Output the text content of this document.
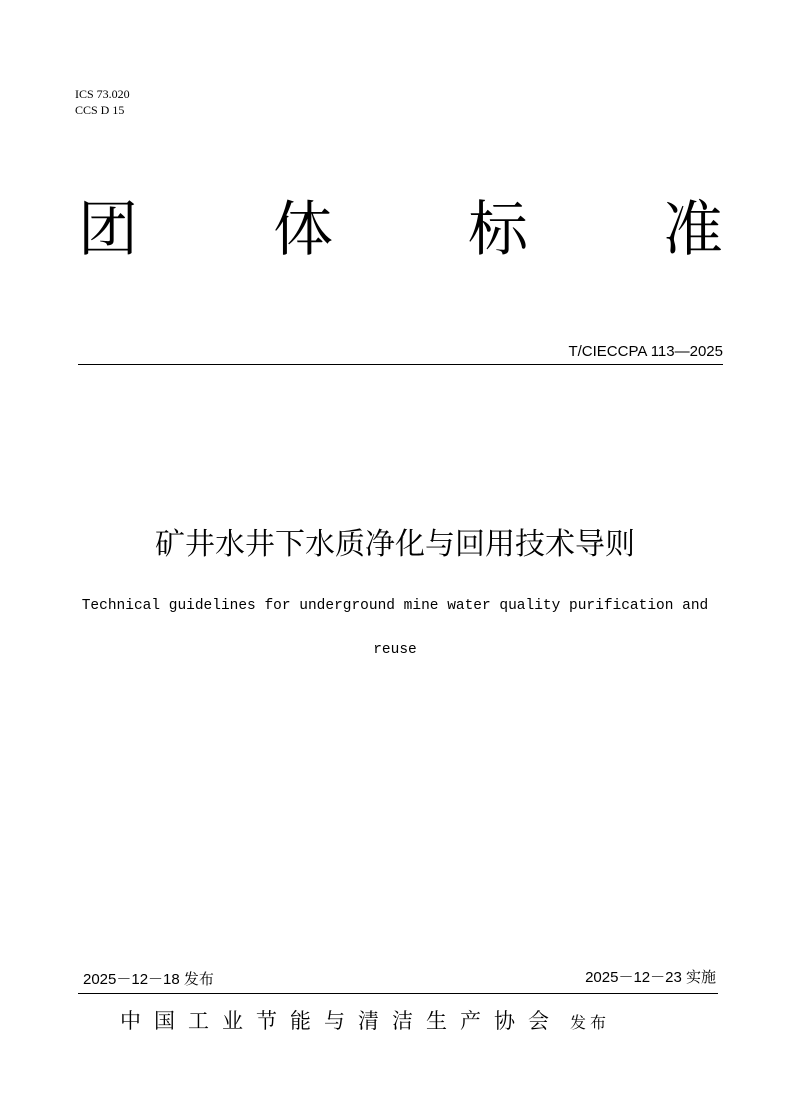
ICS 73.020
CCS D 15
团 体 标 准
T/CIECCPA 113—2025
矿井水井下水质净化与回用技术导则
Technical guidelines for underground mine water quality purification and
reuse
2025－12－18 发布	2025－12－23 实施
中国工业节能与清洁生产协会 发布
